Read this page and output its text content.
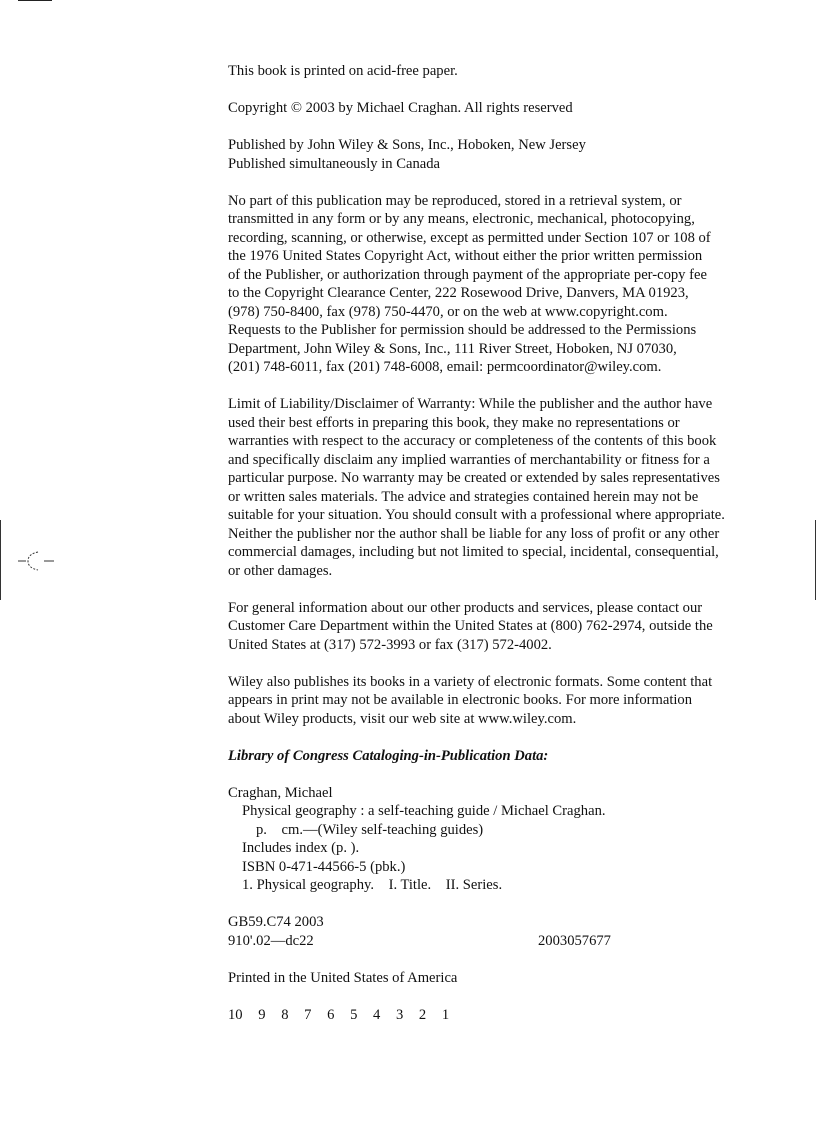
This book is printed on acid-free paper.

Copyright © 2003 by Michael Craghan. All rights reserved

Published by John Wiley & Sons, Inc., Hoboken, New Jersey
Published simultaneously in Canada

No part of this publication may be reproduced, stored in a retrieval system, or
transmitted in any form or by any means, electronic, mechanical, photocopying,
recording, scanning, or otherwise, except as permitted under Section 107 or 108 of
the 1976 United States Copyright Act, without either the prior written permission
of the Publisher, or authorization through payment of the appropriate per-copy fee
to the Copyright Clearance Center, 222 Rosewood Drive, Danvers, MA 01923,
(978) 750-8400, fax (978) 750-4470, or on the web at www.copyright.com.
Requests to the Publisher for permission should be addressed to the Permissions
Department, John Wiley & Sons, Inc., 111 River Street, Hoboken, NJ 07030,
(201) 748-6011, fax (201) 748-6008, email: permcoordinator@wiley.com.

Limit of Liability/Disclaimer of Warranty: While the publisher and the author have
used their best efforts in preparing this book, they make no representations or
warranties with respect to the accuracy or completeness of the contents of this book
and specifically disclaim any implied warranties of merchantability or fitness for a
particular purpose. No warranty may be created or extended by sales representatives
or written sales materials. The advice and strategies contained herein may not be
suitable for your situation. You should consult with a professional where appropriate.
Neither the publisher nor the author shall be liable for any loss of profit or any other
commercial damages, including but not limited to special, incidental, consequential,
or other damages.

For general information about our other products and services, please contact our
Customer Care Department within the United States at (800) 762-2974, outside the
United States at (317) 572-3993 or fax (317) 572-4002.

Wiley also publishes its books in a variety of electronic formats. Some content that
appears in print may not be available in electronic books. For more information
about Wiley products, visit our web site at www.wiley.com.

Library of Congress Cataloging-in-Publication Data:

Craghan, Michael
Physical geography : a self-teaching guide / Michael Craghan.
p.    cm.—(Wiley self-teaching guides)
Includes index (p. ).
ISBN 0-471-44566-5 (pbk.)
1. Physical geography.    I. Title.    II. Series.

GB59.C74 2003
910'.02—dc22	2003057677

Printed in the United States of America

10 9 8 7 6 5 4 3 2 1
